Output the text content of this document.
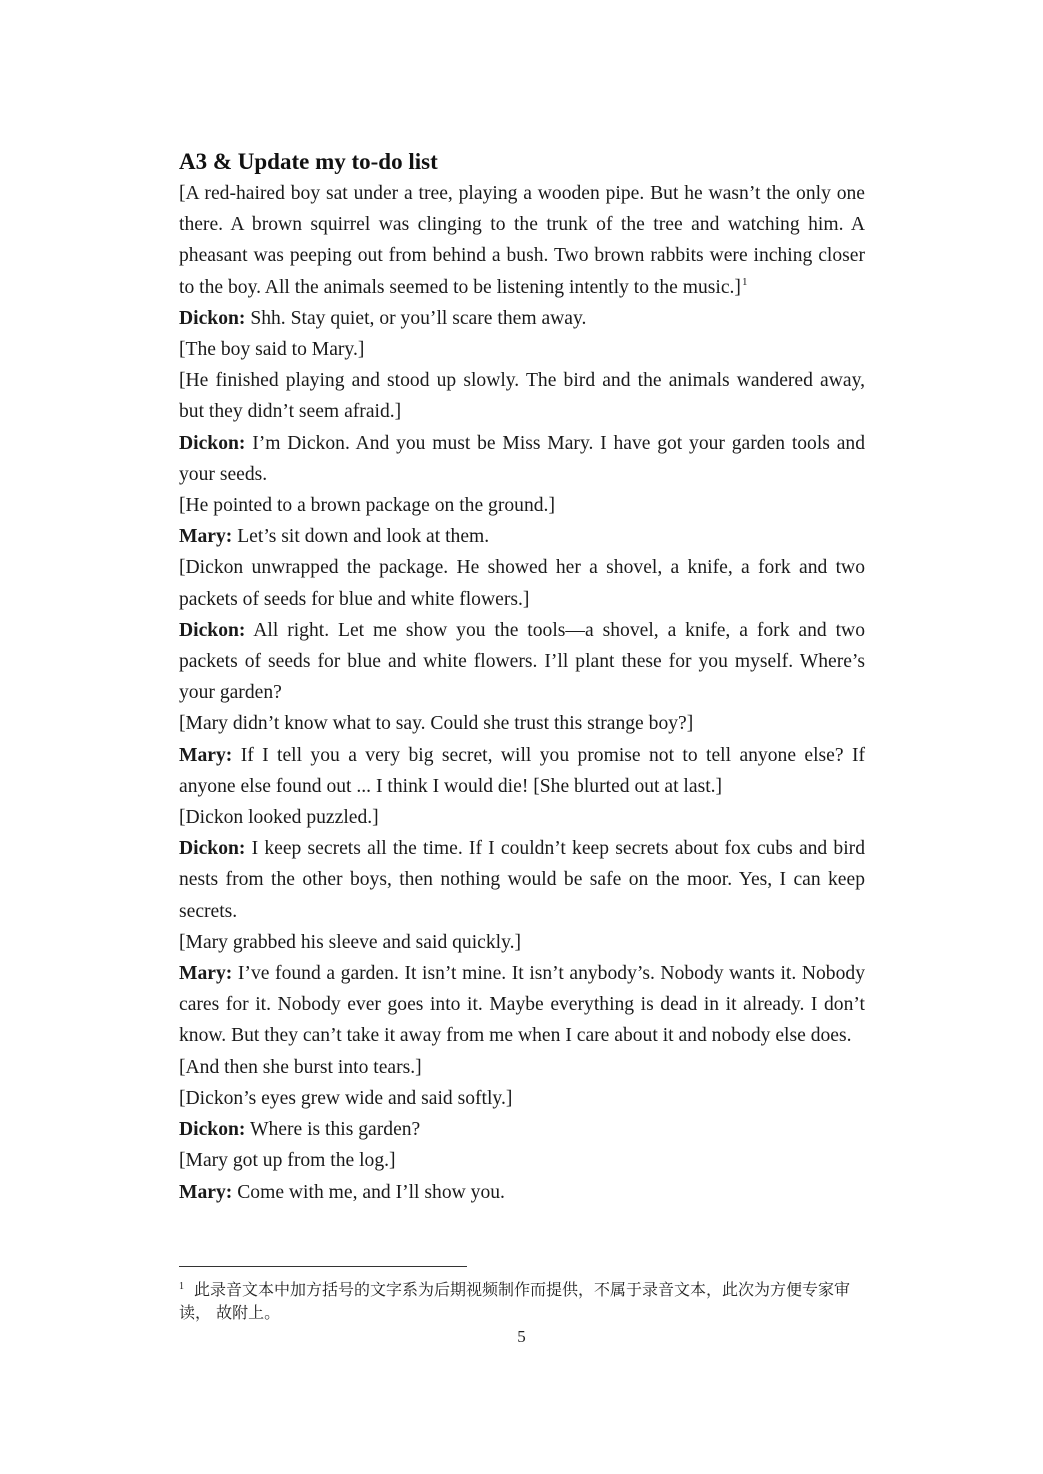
A3 & Update my to-do list

[A red-haired boy sat under a tree, playing a wooden pipe. But he wasn’t the only one there. A brown squirrel was clinging to the trunk of the tree and watching him. A pheasant was peeping out from behind a bush. Two brown rabbits were inching closer to the boy. All the animals seemed to be listening intently to the music.]$^1$

Dickon: Shh. Stay quiet, or you’ll scare them away.

[The boy said to Mary.]

[He finished playing and stood up slowly. The bird and the animals wandered away, but they didn’t seem afraid.]

Dickon: I’m Dickon. And you must be Miss Mary. I have got your garden tools and your seeds.

[He pointed to a brown package on the ground.]

Mary: Let’s sit down and look at them.

[Dickon unwrapped the package. He showed her a shovel, a knife, a fork and two packets of seeds for blue and white flowers.]

Dickon: All right. Let me show you the tools—a shovel, a knife, a fork and two packets of seeds for blue and white flowers. I’ll plant these for you myself. Where’s your garden?

[Mary didn’t know what to say. Could she trust this strange boy?]

Mary: If I tell you a very big secret, will you promise not to tell anyone else? If anyone else found out ... I think I would die! [She blurted out at last.]

[Dickon looked puzzled.]

Dickon: I keep secrets all the time. If I couldn’t keep secrets about fox cubs and bird nests from the other boys, then nothing would be safe on the moor. Yes, I can keep secrets.

[Mary grabbed his sleeve and said quickly.]

Mary: I’ve found a garden. It isn’t mine. It isn’t anybody’s. Nobody wants it. Nobody cares for it. Nobody ever goes into it. Maybe everything is dead in it already. I don’t know. But they can’t take it away from me when I care about it and nobody else does.

[And then she burst into tears.]

[Dickon’s eyes grew wide and said softly.]

Dickon: Where is this garden?

[Mary got up from the log.]

Mary: Come with me, and I’ll show you.

$^1$ 此录音文本中加方括号的文字系为后期视频制作而提供，不属于录音文本，此次为方便专家审读， 故附上。
5
